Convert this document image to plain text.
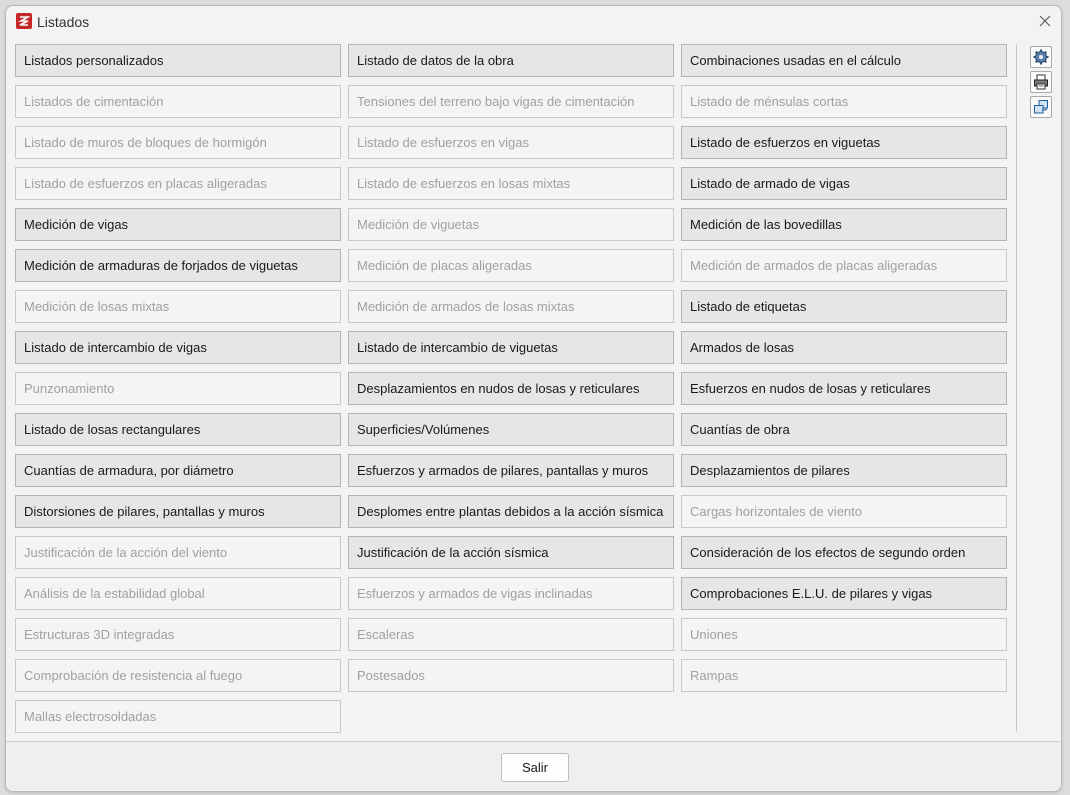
Listados
Listados personalizados	Listado de datos de la obra	Combinaciones usadas en el cálculo
Listados de cimentación	Tensiones del terreno bajo vigas de cimentación	Listado de ménsulas cortas
Listado de muros de bloques de hormigón	Listado de esfuerzos en vigas	Listado de esfuerzos en viguetas
Listado de esfuerzos en placas aligeradas	Listado de esfuerzos en losas mixtas	Listado de armado de vigas
Medición de vigas	Medición de viguetas	Medición de las bovedillas
Medición de armaduras de forjados de viguetas	Medición de placas aligeradas	Medición de armados de placas aligeradas
Medición de losas mixtas	Medición de armados de losas mixtas	Listado de etiquetas
Listado de intercambio de vigas	Listado de intercambio de viguetas	Armados de losas
Punzonamiento	Desplazamientos en nudos de losas y reticulares	Esfuerzos en nudos de losas y reticulares
Listado de losas rectangulares	Superficies/Volúmenes	Cuantías de obra
Cuantías de armadura, por diámetro	Esfuerzos y armados de pilares, pantallas y muros	Desplazamientos de pilares
Distorsiones de pilares, pantallas y muros	Desplomes entre plantas debidos a la acción sísmica	Cargas horizontales de viento
Justificación de la acción del viento	Justificación de la acción sísmica	Consideración de los efectos de segundo orden
Análisis de la estabilidad global	Esfuerzos y armados de vigas inclinadas	Comprobaciones E.L.U. de pilares y vigas
Estructuras 3D integradas	Escaleras	Uniones
Comprobación de resistencia al fuego	Postesados	Rampas
Mallas electrosoldadas
Salir
